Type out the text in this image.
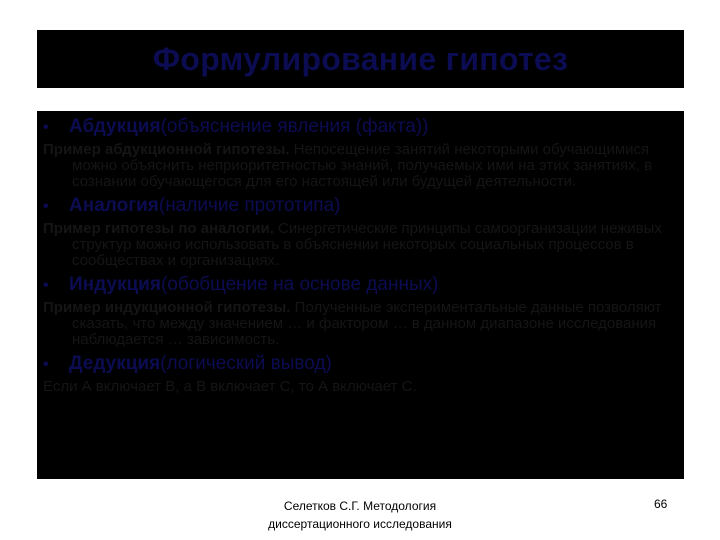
Формулирование гипотез
•	Абдукция (объяснение явления (факта))
Пример абдукционной гипотезы. Непосещение занятий некоторыми обучающимися можно объяснить неприоритетностью знаний, получаемых ими на этих занятиях, в сознании обучающегося для его настоящей или будущей деятельности.
•	Аналогия (наличие прототипа)
Пример гипотезы по аналогии. Синергетические принципы самоорганизации неживых структур можно использовать в объяснении некоторых социальных процессов в сообществах и организациях.
•	Индукция (обобщение на основе данных)
Пример индукционной гипотезы. Полученные экспериментальные данные позволяют сказать, что между значением … и фактором … в данном диапазоне исследования наблюдается … зависимость.
•	Дедукция (логический вывод)
Если А включает В, а В включает С, то А включает С.
Селетков С.Г. Методология диссертационного исследования
66
